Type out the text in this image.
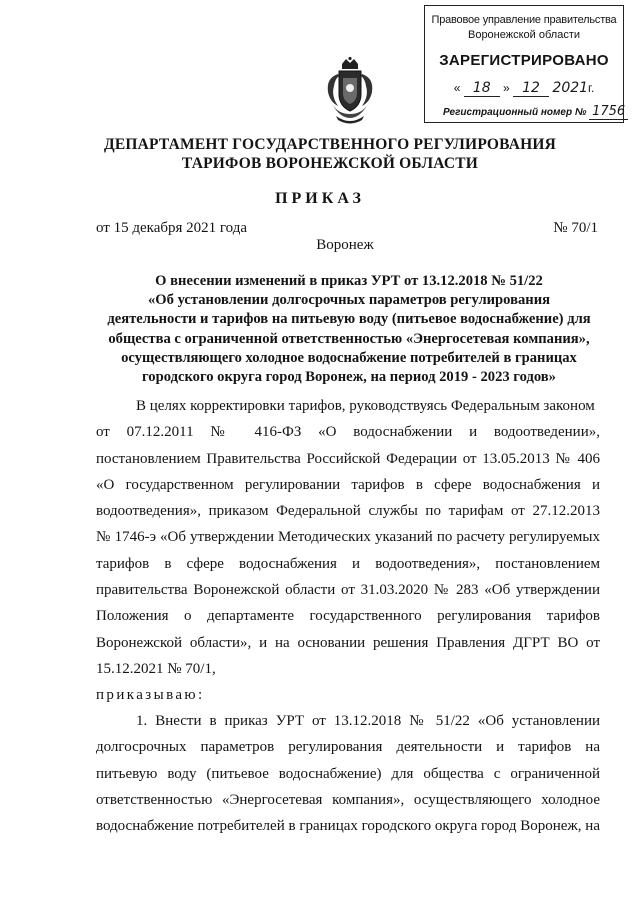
Правовое управление правительства
Воронежской области
ЗАРЕГИСТРИРОВАНО
« 18 » 12 2021г.
Регистрационный номер № 1756
ДЕПАРТАМЕНТ ГОСУДАРСТВЕННОГО РЕГУЛИРОВАНИЯ
ТАРИФОВ ВОРОНЕЖСКОЙ ОБЛАСТИ
ПРИКАЗ
от 15 декабря 2021 года	№ 70/1
Воронеж
О внесении изменений в приказ УРТ от 13.12.2018 № 51/22
«Об установлении долгосрочных параметров регулирования
деятельности и тарифов на питьевую воду (питьевое водоснабжение) для
общества с ограниченной ответственностью «Энергосетевая компания»,
осуществляющего холодное водоснабжение потребителей в границах
городского округа город Воронеж, на период 2019 - 2023 годов»
В целях корректировки тарифов, руководствуясь Федеральным законом
от 07.12.2011 № 416-ФЗ «О водоснабжении и водоотведении»,
постановлением Правительства Российской Федерации от 13.05.2013 № 406
«О государственном регулировании тарифов в сфере водоснабжения и
водоотведения», приказом Федеральной службы по тарифам от 27.12.2013
№ 1746-э «Об утверждении Методических указаний по расчету регулируемых
тарифов в сфере водоснабжения и водоотведения», постановлением
правительства Воронежской области от 31.03.2020 № 283 «Об утверждении
Положения о департаменте государственного регулирования тарифов
Воронежской области», и на основании решения Правления ДГРТ ВО от
15.12.2021 № 70/1,
приказываю:
1. Внести в приказ УРТ от 13.12.2018 № 51/22 «Об установлении
долгосрочных параметров регулирования деятельности и тарифов на
питьевую воду (питьевое водоснабжение) для общества с ограниченной
ответственностью «Энергосетевая компания», осуществляющего холодное
водоснабжение потребителей в границах городского округа город Воронеж, на
